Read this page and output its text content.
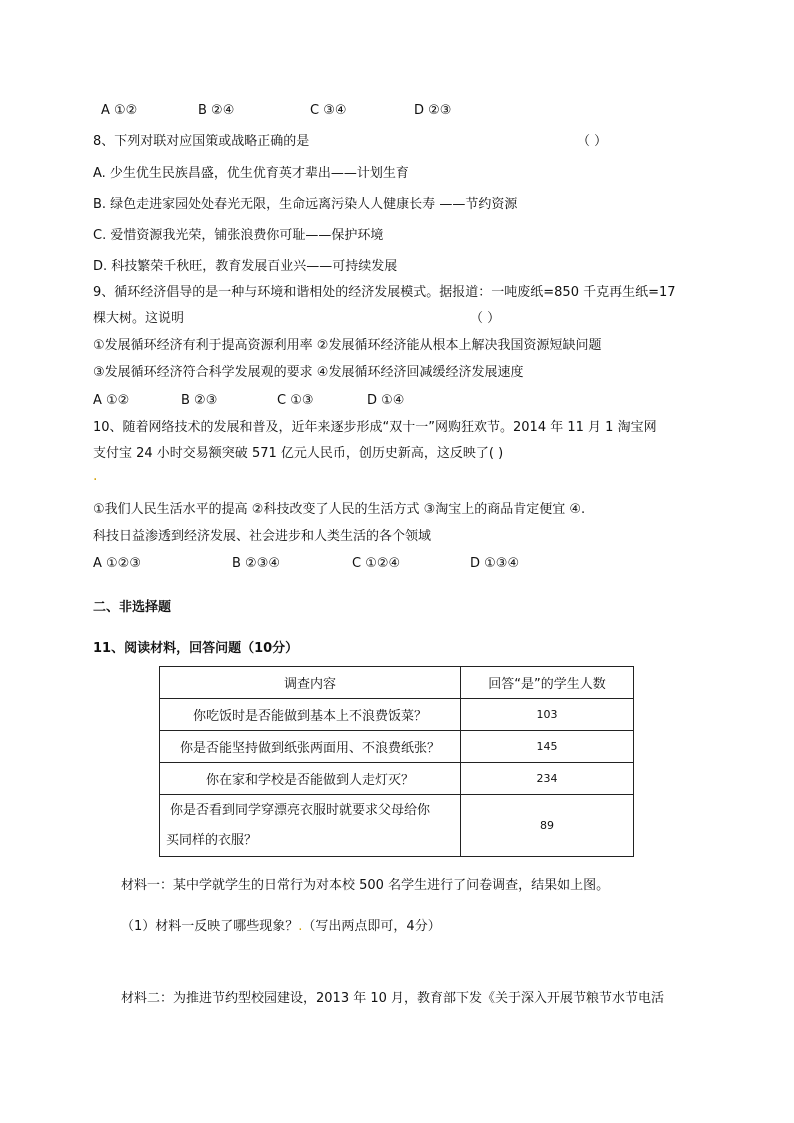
A ①②	B ②④	C ③④	D ②③
8、下列对联对应国策或战略正确的是	（ ）
A. 少生优生民族昌盛，优生优育英才辈出——计划生育
B. 绿色走进家园处处春光无限，生命远离污染人人健康长寿 ——节约资源
C. 爱惜资源我光荣，铺张浪费你可耻——保护环境
D. 科技繁荣千秋旺，教育发展百业兴——可持续发展
9、循环经济倡导的是一种与环境和谐相处的经济发展模式。据报道：一吨废纸=850 千克再生纸=17
棵大树。这说明	（ ）
①发展循环经济有利于提高资源利用率 ②发展循环经济能从根本上解决我国资源短缺问题
③发展循环经济符合科学发展观的要求 ④发展循环经济回减缓经济发展速度
A ①②	B ②③	C ①③	D ①④
10、随着网络技术的发展和普及，近年来逐步形成“双十一”网购狂欢节。2014 年 11 月 1 淘宝网
支付宝 24 小时交易额突破 571 亿元人民币，创历史新高，这反映了( )
·
①我们人民生活水平的提高 ②科技改变了人民的生活方式 ③淘宝上的商品肯定便宜 ④.
科技日益渗透到经济发展、社会进步和人类生活的各个领域
A ①②③	B ②③④	C ①②④	D ①③④
二、非选择题
11、阅读材料，回答问题（10分）
调查内容	回答“是”的学生人数
你吃饭时是否能做到基本上不浪费饭菜？	103
你是否能坚持做到纸张两面用、不浪费纸张？	145
你在家和学校是否能做到人走灯灭？	234

你是否看到同学穿漂亮衣服时就要求父母给你
买同样的衣服？	89
材料一：某中学就学生的日常行为对本校 500 名学生进行了问卷调查，结果如上图。
（1）材料一反映了哪些现象？.（写出两点即可，4分）
材料二：为推进节约型校园建设，2013 年 10 月，教育部下发《关于深入开展节粮节水节电活
